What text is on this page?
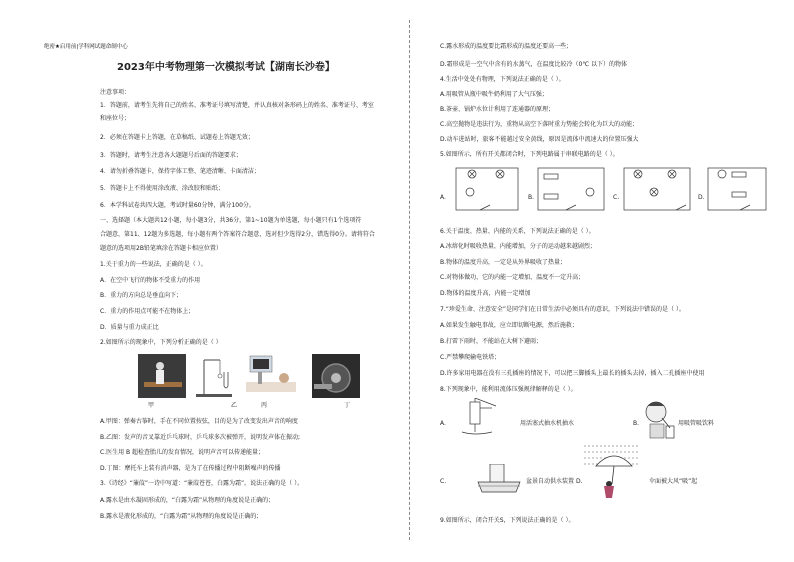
绝密★启用前|学科网试题命制中心
2023年中考物理第一次模拟考试【湖南长沙卷】
注意事项：
1．答题前，请考生先将自己的姓名、准考证号填写清楚，并认真核对条形码上的姓名、准考证号、考室
和座位号；
2．必须在答题卡上答题，在草稿纸、试题卷上答题无效；
3．答题时，请考生注意各大题题号后面的答题要求；
4．请勿折叠答题卡，保持字体工整、笔迹清晰、卡面清洁；
5．答题卡上不得使用涂改液、涂改胶和贴纸；
6．本学科试卷共四大题，考试时量60分钟，满分100分。
一、选择题（本大题共12小题，每小题3分，共36分，第1~10题为单选题，每小题只有1个选项符
合题意，第11、12题为多选题，每小题有两个答案符合题意，选对但少选得2分，错选得0分。请将符合
题意的选项用2B铅笔填涂在答题卡相应位置）
1.关于重力的一些说法，正确的是（ ）。
A．在空中飞行的物体不受重力的作用
B．重力的方向总是垂直向下；
C．重力的作用点可能不在物体上；
D．质量与重力成正比
2.如图所示的现象中，下列分析正确的是（ ）
甲	乙	丙	丁
A.甲图：弹奏古筝时，手在不同位置按弦，目的是为了改变发出声音的响度
B.乙图：发声的音叉靠近乒乓球时，乒乓球多次被弹开，说明发声体在振动;
C.医生用 B 超检查胎儿的发育情况，说明声音可以传递能量；
D.丁图：摩托车上装有消声器，是为了在传播过程中阻断噪声的传播
3.《诗经》“蒹葭”一诗中写道：“蒹葭苍苍，白露为霜”。说法正确的是（ ）。
A.露水是由水凝固形成的，“白露为霜”从物理的角度说是正确的；
B.露水是液化形成的，“白露为霜”从物理的角度说是正确的；
C.露水形成的温度要比霜形成的温度还要高一些；
D.霜形成是一空气中含有的水蒸气，在温度比较冷（0℃ 以下）的物体
4.生活中处处有物理，下列说法正确的是（ ）。
A.用吸管从瓶中吸牛奶利用了大气压强；
B.茶壶、锅炉水位计利用了连通器的原理；
C.高空抛物是违法行为，重物从高空下落时重力势能会转化为巨大的动能；
D.动车进站时，旅客不能越过安全黄线，原因是流体中流速大的位置压强大
5.如图所示，所有开关都闭合时，下列电路属于串联电路的是（ ）。
A.	B.	C.	D.
6.关于温度、热量、内能的关系，下列说法正确的是（ ）。
A.冰熔化时吸收热量，内能增加，分子的运动越来越剧烈；
B.物体的温度升高，一定是从外界吸收了热量；
C.对物体做功，它的内能一定增加，温度不一定升高；
D.物体的温度升高，内能一定增加
7.“珍爱生命、注意安全”是同学们在日常生活中必须具有的意识，下列说法中错误的是（ ）。
A.如果发生触电事故，应立即切断电源，然后施救；
B.打雷下雨时，不能站在大树下避雨；
C.严禁攀爬输电铁塔；
D.许多家用电器在没有三孔插座的情况下，可以把三脚插头上最长的插头去掉，插入二孔插座中使用
8.下列现象中，能利用流体压强规律解释的是（ ）。
A.	用活塞式抽水机抽水	B.	用吸管吸饮料
C.	盆景自动供水装置 D.	伞面被大风“吸”起
9.如图所示，闭合开关S，下列说法正确的是（ ）。
